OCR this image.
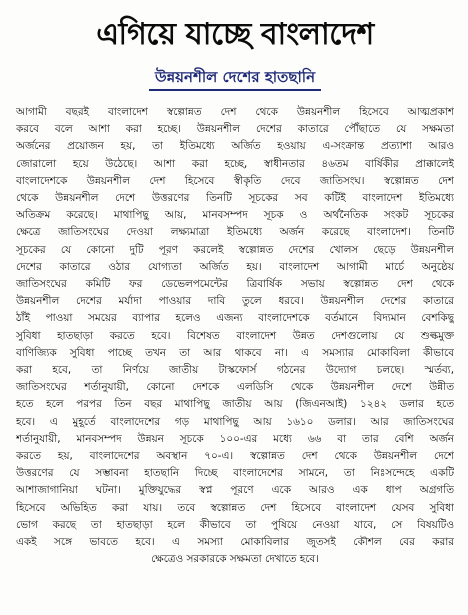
এগিয়ে যাচ্ছে বাংলাদেশ
উন্নয়নশীল দেশের হাতছানি
আগামী বছরই বাংলাদেশ স্বল্পোন্নত দেশ থেকে উন্নয়নশীল হিসেবে আত্মপ্রকাশ
করবে বলে আশা করা হচ্ছে। উন্নয়নশীল দেশের কাতারে পৌঁছাতে যে সক্ষমতা
অর্জনের প্রয়োজন হয়, তা ইতিমধ্যে অর্জিত হওয়ায় এ-সংক্রান্ত প্রত্যাশা আরও
জোরালো হয়ে উঠেছে। আশা করা হচ্ছে, স্বাধীনতার ৪৬তম বার্ষিকীর প্রাক্কালেই
বাংলাদেশকে উন্নয়নশীল দেশ হিসেবে স্বীকৃতি দেবে জাতিসংঘ। স্বল্পোন্নত দেশ
থেকে উন্নয়নশীল দেশে উত্তরণের তিনটি সূচকের সব কটিই বাংলাদেশ ইতিমধ্যে
অতিক্রম করেছে। মাথাপিছু আয়, মানবসম্পদ সূচক ও অর্থনৈতিক সংকট সূচকের
ক্ষেত্রে জাতিসংঘের দেওয়া লক্ষ্যমাত্রা ইতিমধ্যে অর্জন করেছে বাংলাদেশ। তিনটি
সূচকের যে কোনো দুটি পূরণ করলেই স্বল্পোন্নত দেশের খোলস ছেড়ে উন্নয়নশীল
দেশের কাতারে ওঠার যোগ্যতা অর্জিত হয়। বাংলাদেশ আগামী মার্চে অনুষ্ঠেয়
জাতিসংঘের কমিটি ফর ডেভেলপমেন্টের ত্রিবার্ষিক সভায় স্বল্পোন্নত দেশ থেকে
উন্নয়নশীল দেশের মর্যাদা পাওয়ার দাবি তুলে ধরবে। উন্নয়নশীল দেশের কাতারে
ঠাঁই পাওয়া সময়ের ব্যাপার হলেও এজন্য বাংলাদেশকে বর্তমানে বিদ্যমান বেশকিছু
সুবিধা হাতছাড়া করতে হবে। বিশেষত বাংলাদেশ উন্নত দেশগুলোয় যে শুল্কমুক্ত
বাণিজ্যিক সুবিধা পাচ্ছে তখন তা আর থাকবে না। এ সমস্যার মোকাবিলা কীভাবে
করা হবে, তা নির্ণয়ে জাতীয় টাস্কফোর্স গঠনের উদ্যোগ চলছে। স্মর্তব্য,
জাতিসংঘের শর্তানুযায়ী, কোনো দেশকে এলডিসি থেকে উন্নয়নশীল দেশে উন্নীত
হতে হলে পরপর তিন বছর মাথাপিছু জাতীয় আয় (জিএনআই) ১২৪২ ডলার হতে
হবে। এ মুহূর্তে বাংলাদেশের গড় মাথাপিছু আয় ১৬১০ ডলার। আর জাতিসংঘের
শর্তানুযায়ী, মানবসম্পদ উন্নয়ন সূচকে ১০০-এর মধ্যে ৬৬ বা তার বেশি অর্জন
করতে হয়, বাংলাদেশের অবস্থান ৭০-এ। স্বল্পোন্নত দেশ থেকে উন্নয়নশীল দেশে
উত্তরণের যে সম্ভাবনা হাতছানি দিচ্ছে বাংলাদেশের সামনে, তা নিঃসন্দেহে একটি
আশাজাগানিয়া ঘটনা। মুক্তিযুদ্ধের স্বপ্ন পূরণে একে আরও এক ধাপ অগ্রগতি
হিসেবে অভিহিত করা যায়। তবে স্বল্পোন্নত দেশ হিসেবে বাংলাদেশ যেসব সুবিধা
ভোগ করছে তা হাতছাড়া হলে কীভাবে তা পুষিয়ে নেওয়া যাবে, সে বিষয়টিও
একই সঙ্গে ভাবতে হবে। এ সমস্যা মোকাবিলার জুতসই কৌশল বের করার
ক্ষেত্রেও সরকারকে সক্ষমতা দেখাতে হবে।
